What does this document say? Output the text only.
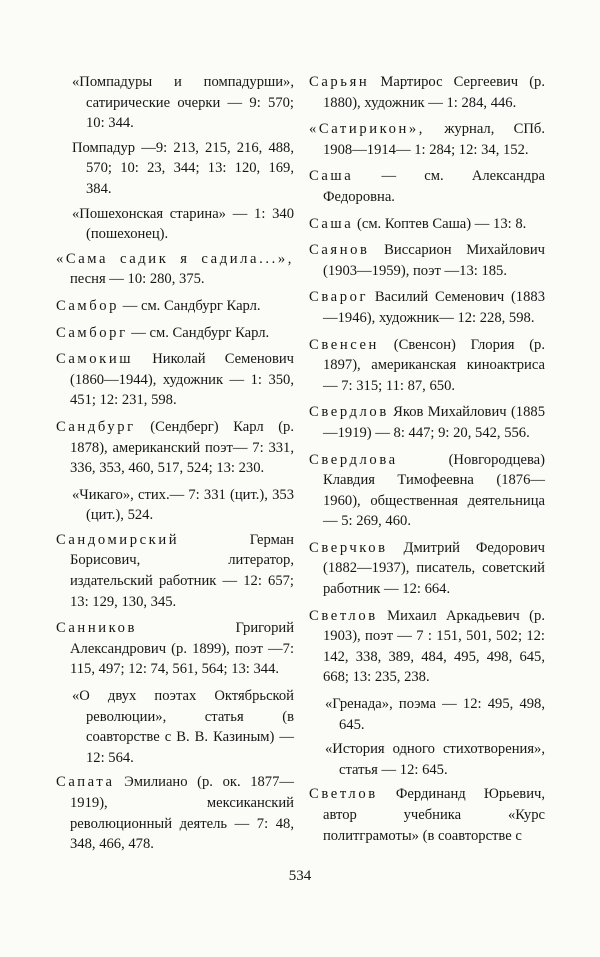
«Помпадуры и помпадурши», сатирические очерки — 9: 570; 10: 344.

Помпадур —9: 213, 215, 216, 488, 570; 10: 23, 344; 13: 120, 169, 384.

«Пошехонская старина» — 1: 340 (пошехонец).

«Сама садик я садила...», песня — 10: 280, 375.

Самбор — см. Сандбург Карл.

Самборг — см. Сандбург Карл.

Самокиш Николай Семенович (1860—1944), художник — 1: 350, 451; 12: 231, 598.

Сандбург (Сендберг) Карл (р. 1878), американский поэт— 7: 331, 336, 353, 460, 517, 524; 13: 230.

«Чикаго», стих.— 7: 331 (цит.), 353 (цит.), 524.

Сандомирский Герман Борисович, литератор, издательский работник — 12: 657; 13: 129, 130, 345.

Санников Григорий Александрович (р. 1899), поэт —7: 115, 497; 12: 74, 561, 564; 13: 344.

«О двух поэтах Октябрьской революции», статья (в соавторстве с В. В. Казиным) —12: 564.

Сапата Эмилиано (р. ок. 1877—1919), мексиканский революционный деятель — 7: 48, 348, 466, 478.

Сарьян Мартирос Сергеевич (р. 1880), художник — 1: 284, 446.

«Сатирикон», журнал, СПб. 1908—1914— 1: 284; 12: 34, 152.

Саша — см. Александра Федоровна.

Саша (см. Коптев Саша) — 13: 8.

Саянов Виссарион Михайлович (1903—1959), поэт —13: 185.

Сварог Василий Семенович (1883—1946), художник— 12: 228, 598.

Свенсен (Свенсон) Глория (р. 1897), американская киноактриса — 7: 315; 11: 87, 650.

Свердлов Яков Михайлович (1885—1919) — 8: 447; 9: 20, 542, 556.

Свердлова (Новгородцева) Клавдия Тимофеевна (1876— 1960), общественная деятельница — 5: 269, 460.

Сверчков Дмитрий Федорович (1882—1937), писатель, советский работник — 12: 664.

Светлов Михаил Аркадьевич (р. 1903), поэт — 7 : 151, 501, 502; 12: 142, 338, 389, 484, 495, 498, 645, 668; 13: 235, 238.

«Гренада», поэма — 12: 495, 498, 645.

«История одного стихотворения», статья — 12: 645.

Светлов Фердинанд Юрьевич, автор учебника «Курс политграмоты» (в соавторстве с

534
